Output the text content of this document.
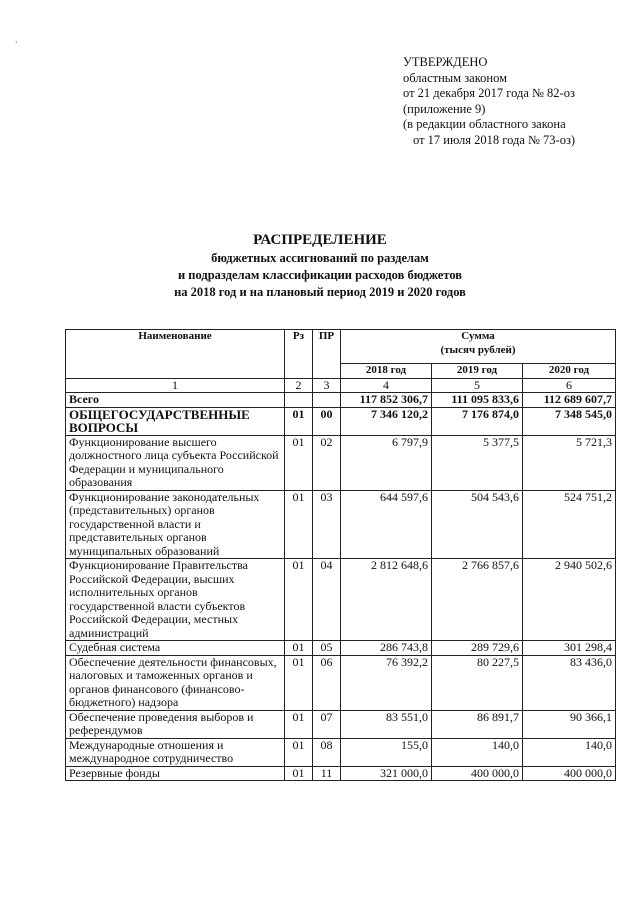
,
УТВЕРЖДЕНО
областным законом
от 21 декабря 2017 года № 82-оз
(приложение 9)
(в редакции областного закона
от 17 июля 2018 года № 73-оз)
РАСПРЕДЕЛЕНИЕ
бюджетных ассигнований по разделам
и подразделам классификации расходов бюджетов
на 2018 год и на плановый период 2019 и 2020 годов
Наименование	Рз	ПР	Сумма
(тысяч рублей)		

			2018 год	2019 год	2020 год
1	2	3	4	5	6
Всего			117 852 306,7	111 095 833,6	112 689 607,7
ОБЩЕГОСУДАРСТВЕННЫЕ ВОПРОСЫ	01	00	7 346 120,2	7 176 874,0	7 348 545,0
Функционирование высшего должностного лица субъекта Российской Федерации и муниципального образования	01	02	6 797,9	5 377,5	5 721,3
Функционирование законодательных (представительных) органов государственной власти и представительных органов муниципальных образований	01	03	644 597,6	504 543,6	524 751,2
Функционирование Правительства Российской Федерации, высших исполнительных органов государственной власти субъектов Российской Федерации, местных администраций	01	04	2 812 648,6	2 766 857,6	2 940 502,6
Судебная система	01	05	286 743,8	289 729,6	301 298,4
Обеспечение деятельности финансовых, налоговых и таможенных органов и органов финансового (финансово-бюджетного) надзора	01	06	76 392,2	80 227,5	83 436,0
Обеспечение проведения выборов и референдумов	01	07	83 551,0	86 891,7	90 366,1
Международные отношения и международное сотрудничество	01	08	155,0	140,0	140,0
Резервные фонды	01	11	321 000,0	400 000,0	400 000,0
